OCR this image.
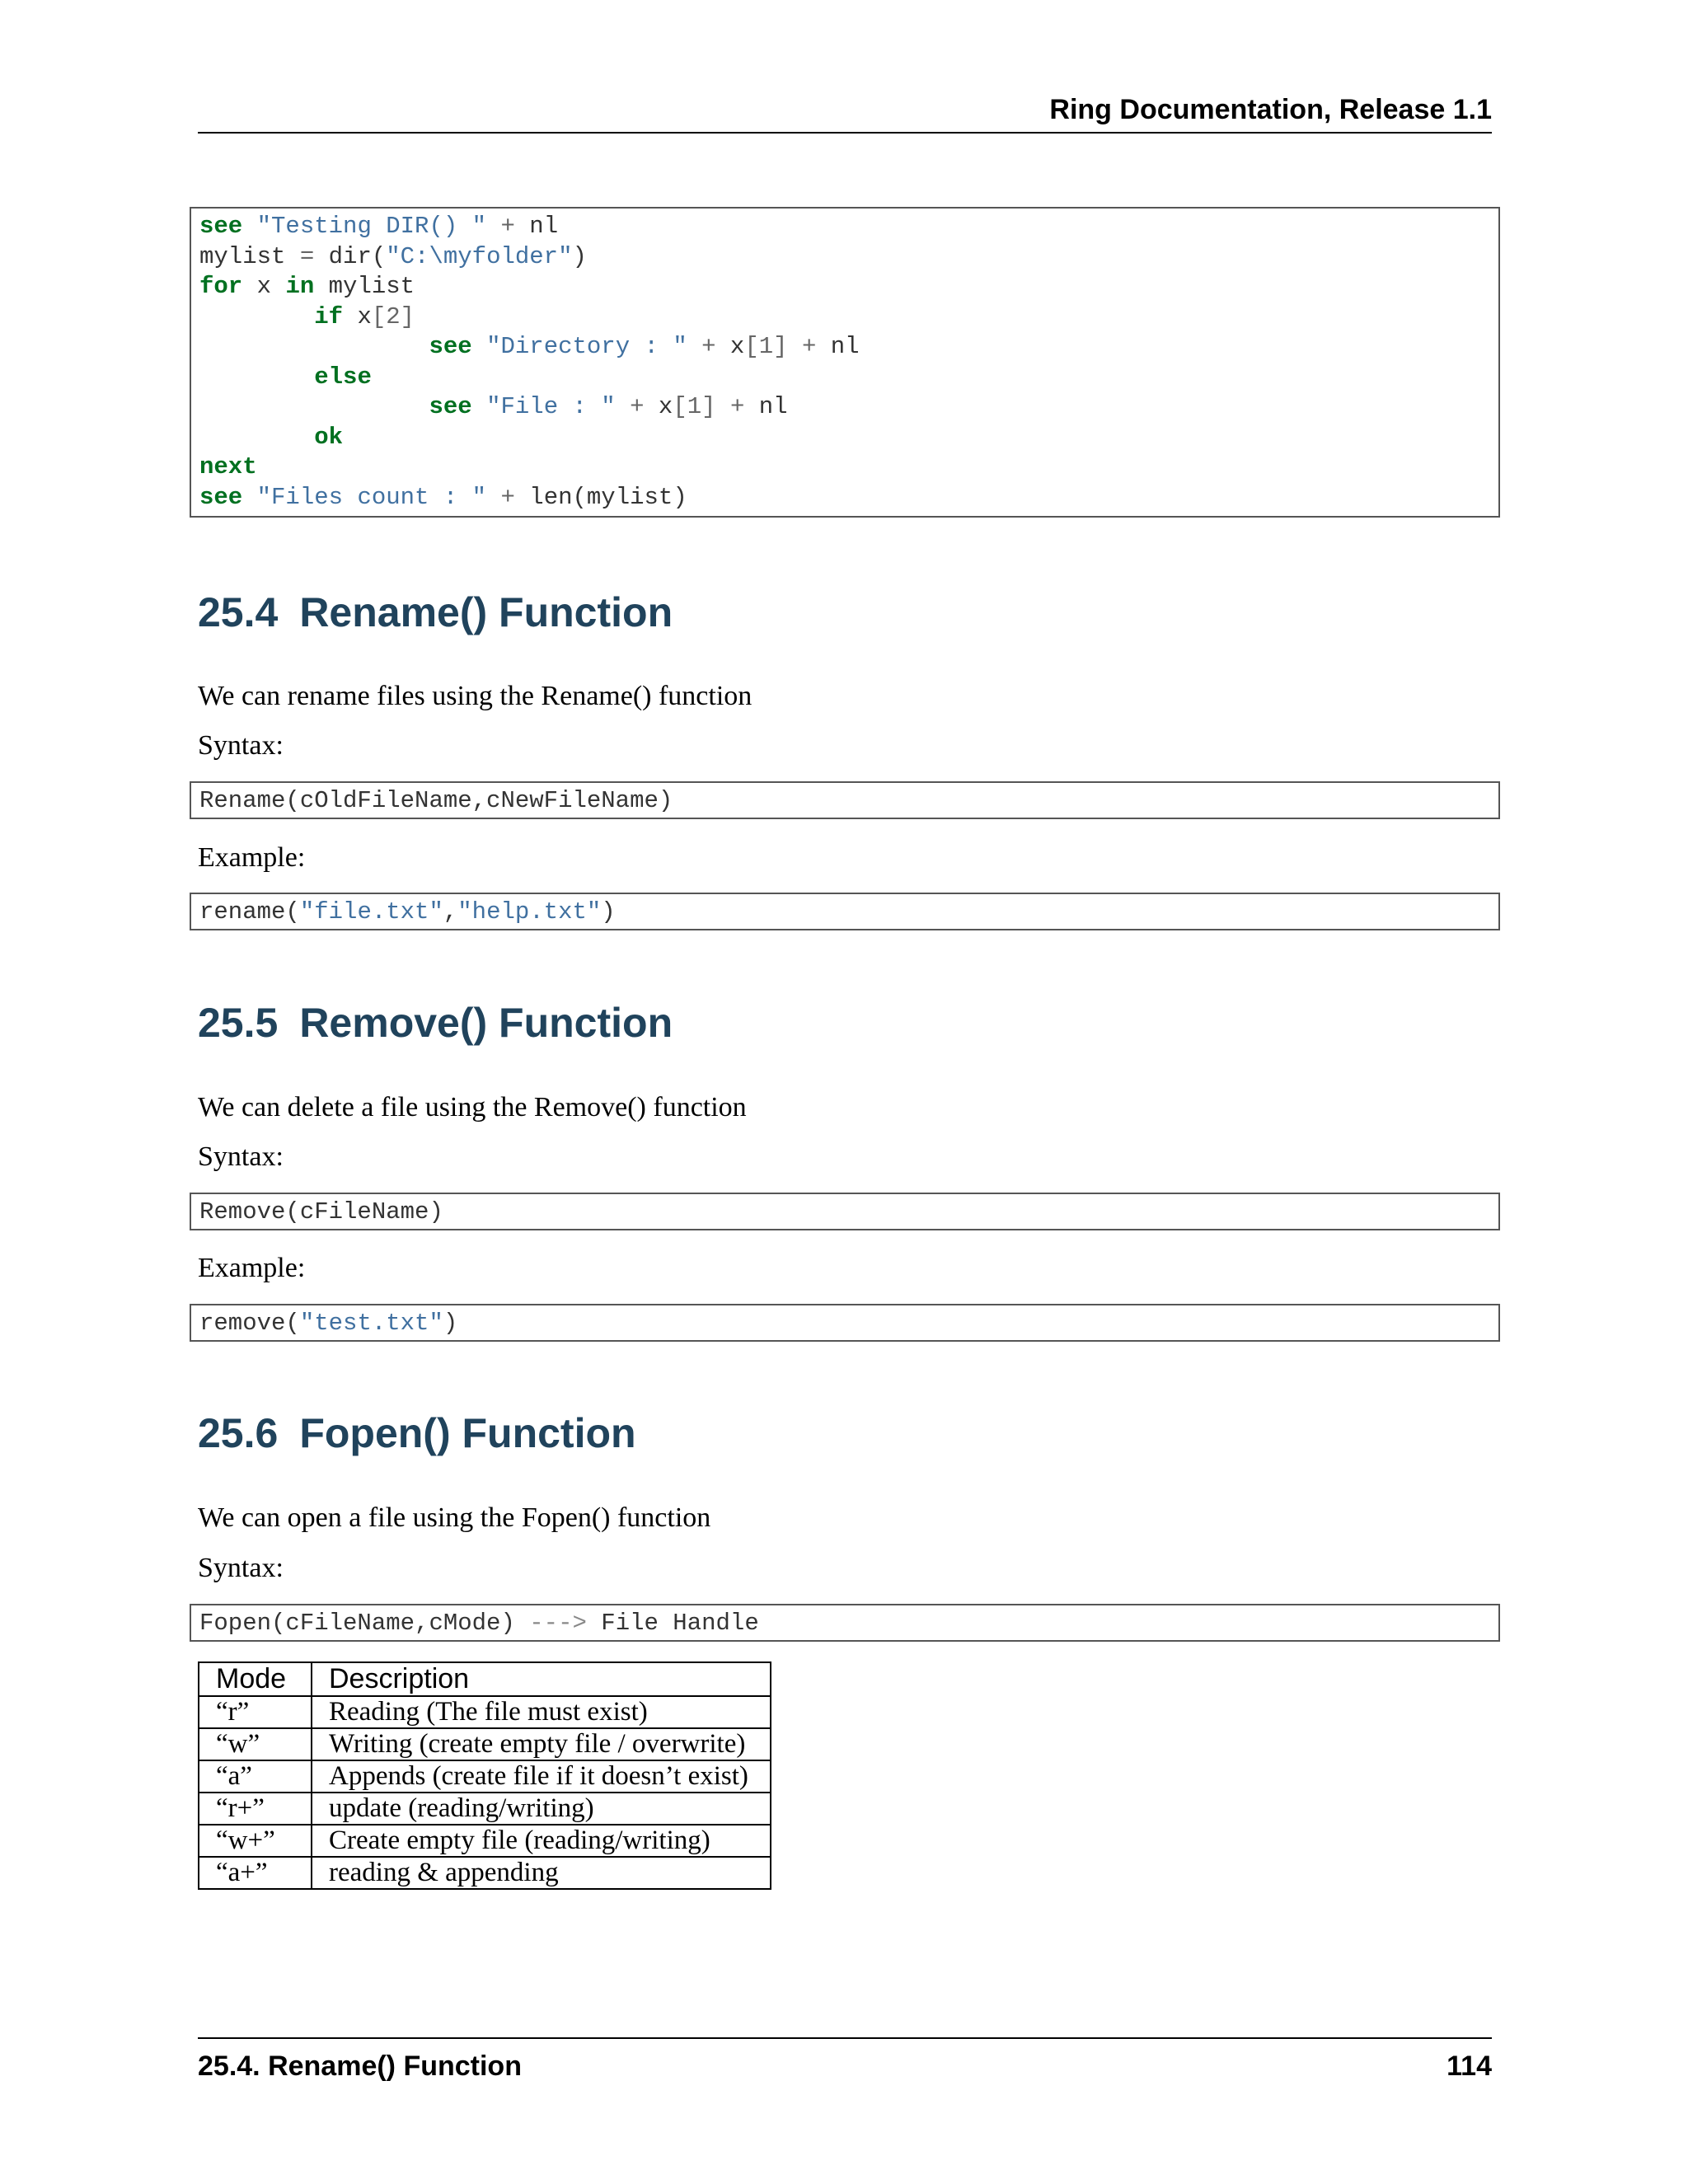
Ring Documentation, Release 1.1
see "Testing DIR() " + nl
mylist = dir("C:\myfolder")
for x in mylist
if x[2]
see "Directory : " + x[1] + nl
else
see "File : " + x[1] + nl
ok
next
see "Files count : " + len(mylist)
25.4 Rename() Function

We can rename files using the Rename() function

Syntax:

Rename(cOldFileName,cNewFileName)

Example:

rename("file.txt","help.txt")
25.5 Remove() Function

We can delete a file using the Remove() function

Syntax:

Remove(cFileName)

Example:

remove("test.txt")
25.6 Fopen() Function

We can open a file using the Fopen() function

Syntax:

Fopen(cFileName,cMode) ---> File Handle
Mode	Description
“r”	Reading (The file must exist)
“w”	Writing (create empty file / overwrite)
“a”	Appends (create file if it doesn’t exist)
“r+”	update (reading/writing)
“w+”	Create empty file (reading/writing)
“a+”	reading & appending
25.4. Rename() Function	114
